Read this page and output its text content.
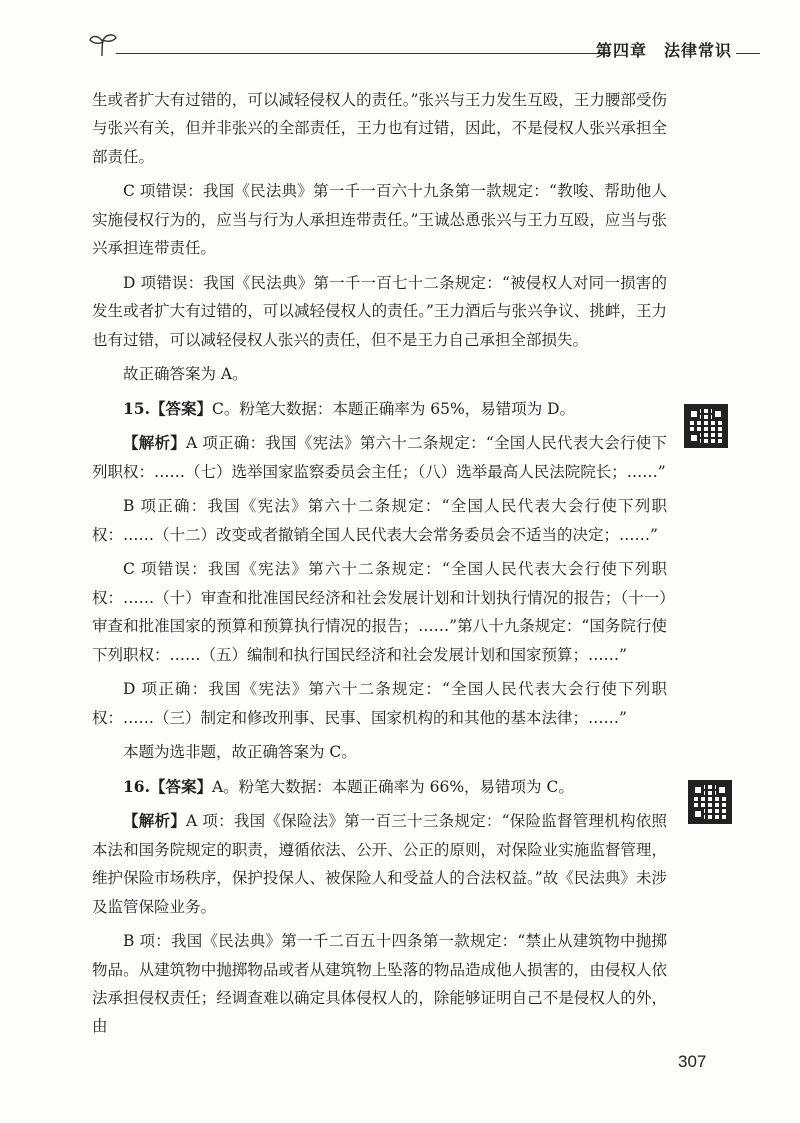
第四章　法律常识

生或者扩大有过错的，可以减轻侵权人的责任。”张兴与王力发生互殴，王力腰部受伤与张兴有关，但并非张兴的全部责任，王力也有过错，因此，不是侵权人张兴承担全部责任。

C 项错误：我国《民法典》第一千一百六十九条第一款规定：“教唆、帮助他人实施侵权行为的，应当与行为人承担连带责任。”王诚怂恿张兴与王力互殴，应当与张兴承担连带责任。

D 项错误：我国《民法典》第一千一百七十二条规定：“被侵权人对同一损害的发生或者扩大有过错的，可以减轻侵权人的责任。”王力酒后与张兴争议、挑衅，王力也有过错，可以减轻侵权人张兴的责任，但不是王力自己承担全部损失。

故正确答案为 A。

15.【答案】C。粉笔大数据：本题正确率为 65%，易错项为 D。

【解析】A 项正确：我国《宪法》第六十二条规定：“全国人民代表大会行使下列职权：……（七）选举国家监察委员会主任；（八）选举最高人民法院院长；……”

B 项正确：我国《宪法》第六十二条规定：“全国人民代表大会行使下列职权：……（十二）改变或者撤销全国人民代表大会常务委员会不适当的决定；……”

C 项错误：我国《宪法》第六十二条规定：“全国人民代表大会行使下列职权：……（十）审查和批准国民经济和社会发展计划和计划执行情况的报告；（十一）审查和批准国家的预算和预算执行情况的报告；……”第八十九条规定：“国务院行使下列职权：……（五）编制和执行国民经济和社会发展计划和国家预算；……”

D 项正确：我国《宪法》第六十二条规定：“全国人民代表大会行使下列职权：……（三）制定和修改刑事、民事、国家机构的和其他的基本法律；……”

本题为选非题，故正确答案为 C。

16.【答案】A。粉笔大数据：本题正确率为 66%，易错项为 C。

【解析】A 项：我国《保险法》第一百三十三条规定：“保险监督管理机构依照本法和国务院规定的职责，遵循依法、公开、公正的原则，对保险业实施监督管理，维护保险市场秩序，保护投保人、被保险人和受益人的合法权益。”故《民法典》未涉及监管保险业务。

B 项：我国《民法典》第一千二百五十四条第一款规定：“禁止从建筑物中抛掷物品。从建筑物中抛掷物品或者从建筑物上坠落的物品造成他人损害的，由侵权人依法承担侵权责任；经调查难以确定具体侵权人的，除能够证明自己不是侵权人的外，由

307
